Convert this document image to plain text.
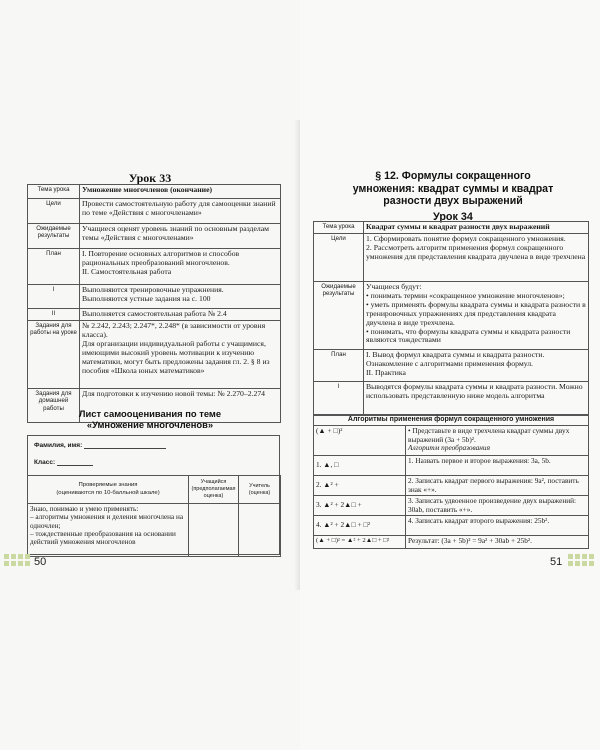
Урок 33
Тема урока	Умножение многочленов (окончание)
Цели	Провести самостоятельную работу для самооценки знаний по теме «Действия с многочленами»
Ожидаемые результаты	Учащиеся оценят уровень знаний по основным разделам темы «Действия с многочленами»
План	I. Повторение основных алгоритмов и способов рациональных преобразований многочленов.
II. Самостоятельная работа

I	Выполняются тренировочные упражнения.
Выполняются устные задания на с. 100

II	Выполняется самостоятельная работа № 2.4
Задания для работы на уроке	№ 2.242, 2.243; 2.247*, 2.248* (в зависимости от уровня класса).
Для организации индивидуальной работы с учащимися, имеющими высокий уровень мотивации к изучению математики, могут быть предложены задания гл. 2. § 8 из пособия «Школа юных математиков»

Задания для домашней работы	Для подготовки к изучению новой темы: № 2.270–2.274
Лист самооценивания по теме
«Умножение многочленов»
Фамилия, имя:
Класс:
Проверяемые знания
(оцениваются по 10-балльной шкале)	Учащийся (предполагаемая оценка)	Учитель (оценка)

Знаю, понимаю и умею применять:
– алгоритмы умножения и деления многочлена на одночлен;
– тождественные преобразования на основании действий умножения многочленов		

50
§ 12. Формулы сокращенного
умножения: квадрат суммы и квадрат
разности двух выражений
Урок 34
Тема урока	Квадрат суммы и квадрат разности двух выражений
Цели	1. Сформировать понятие формул сокращенного умножения.
2. Рассмотреть алгоритм применения формул сокращенного умножения для представления квадрата двучлена в виде трехчлена

Ожидаемые результаты	Учащиеся будут:
• понимать термин «сокращенное умножение многочленов»;
• уметь применять формулы квадрата суммы и квадрата разности в тренировочных упражнениях для представления квадрата двучлена в виде трехчлена.
• понимать, что формулы квадрата суммы и квадрата разности являются тождествами

План	I. Вывод формул квадрата суммы и квадрата разности. Ознакомление с алгоритмами применения формул.
II. Практика

I	Выводятся формулы квадрата суммы и квадрата разности. Можно использовать представленную ниже модель алгоритма
Алгоритмы применения формул сокращенного умножения	
(▲ + □)²	• Представьте в виде трехчлена квадрат суммы двух выражений (3a + 5b)².
Алгоритм преобразования

1. ▲, □	1. Назвать первое и второе выражения: 3a, 5b.
2. ▲² +	2. Записать квадрат первого выражения: 9a², поставить знак «+».
3. ▲² + 2▲□ +	3. Записать удвоенное произведение двух выражений: 30ab, поставить «+».
4. ▲² + 2▲□ + □²	4. Записать квадрат второго выражения: 25b².
(▲ + □)² = ▲² + 2▲□ + □²	Результат: (3a + 5b)² = 9a² + 30ab + 25b².
51
